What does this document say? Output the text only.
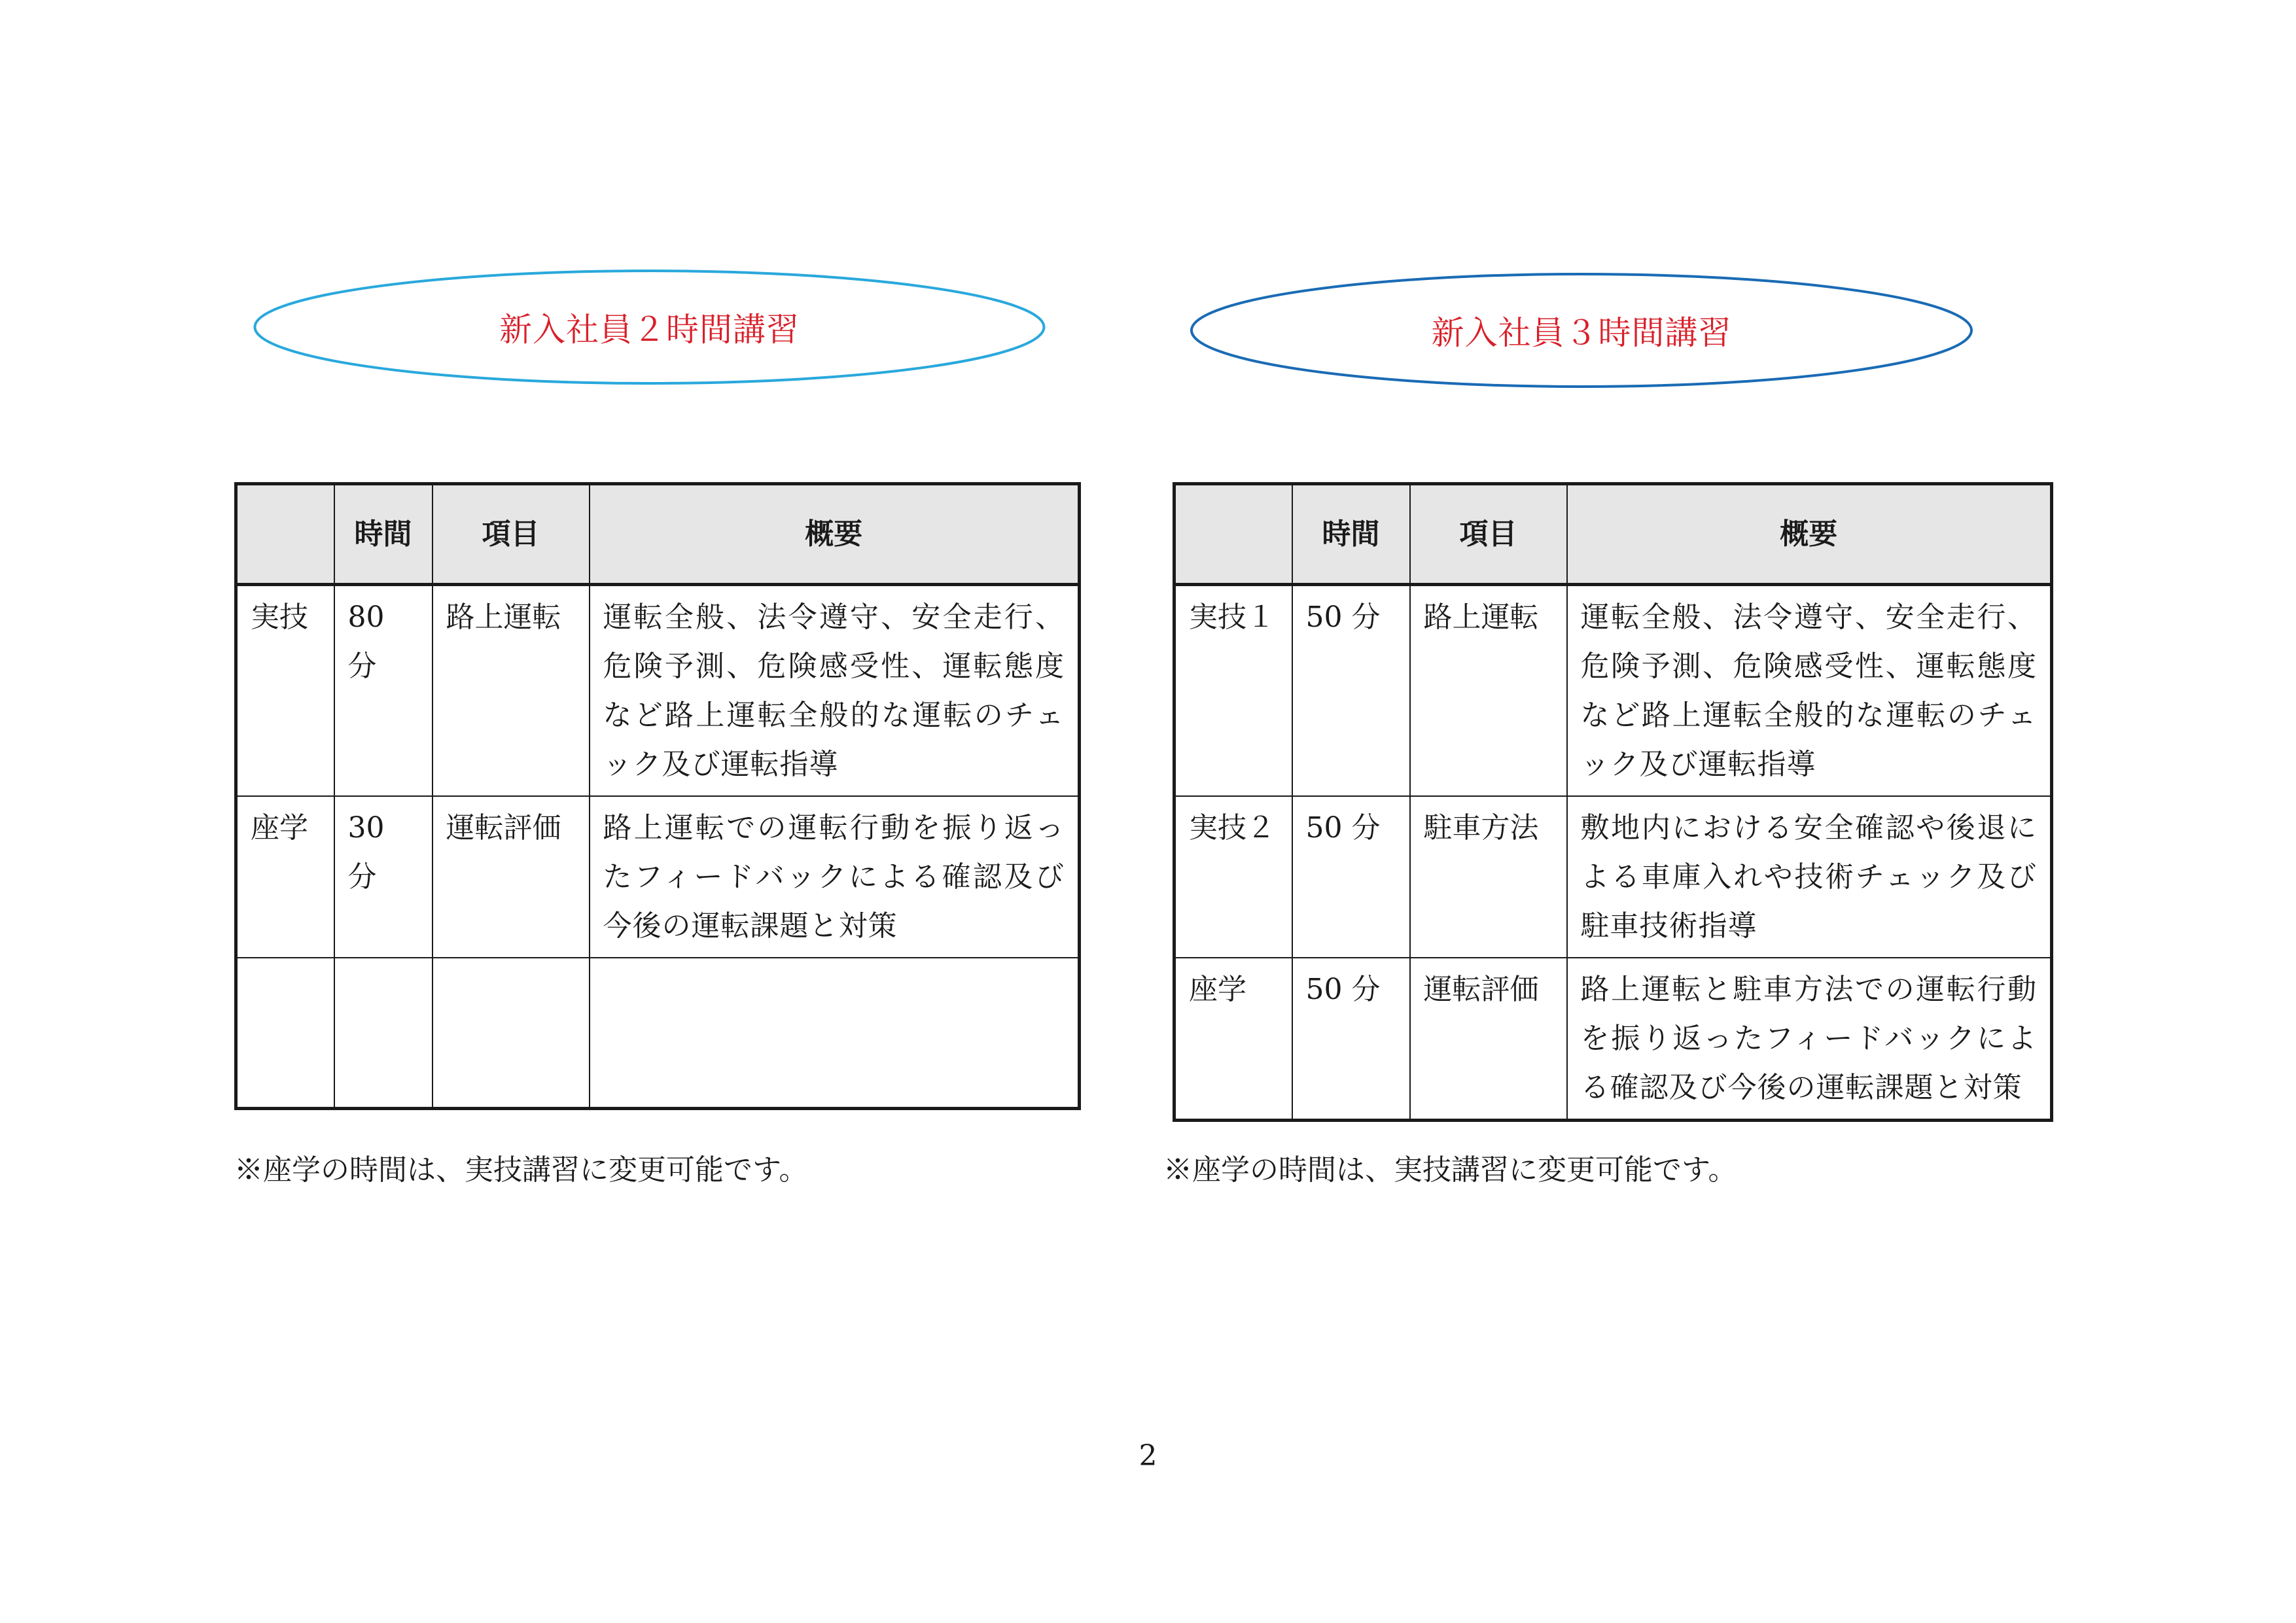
新入社員２時間講習	新入社員３時間講習
	時間	項目	概要
実技	80 分	路上運転	運転全般、法令遵守、安全走行、危険予測、危険感受性、運転態度など路上運転全般的な運転のチェック及び運転指導
座学	30 分	運転評価	路上運転での運転行動を振り返ったフィードバックによる確認及び今後の運転課題と対策

	時間	項目	概要
実技１	50 分	路上運転	運転全般、法令遵守、安全走行、危険予測、危険感受性、運転態度など路上運転全般的な運転のチェック及び運転指導
実技２	50 分	駐車方法	敷地内における安全確認や後退による車庫入れや技術チェック及び駐車技術指導
座学	50 分	運転評価	路上運転と駐車方法での運転行動を振り返ったフィードバックによる確認及び今後の運転課題と対策
※座学の時間は、実技講習に変更可能です。	※座学の時間は、実技講習に変更可能です。
2
